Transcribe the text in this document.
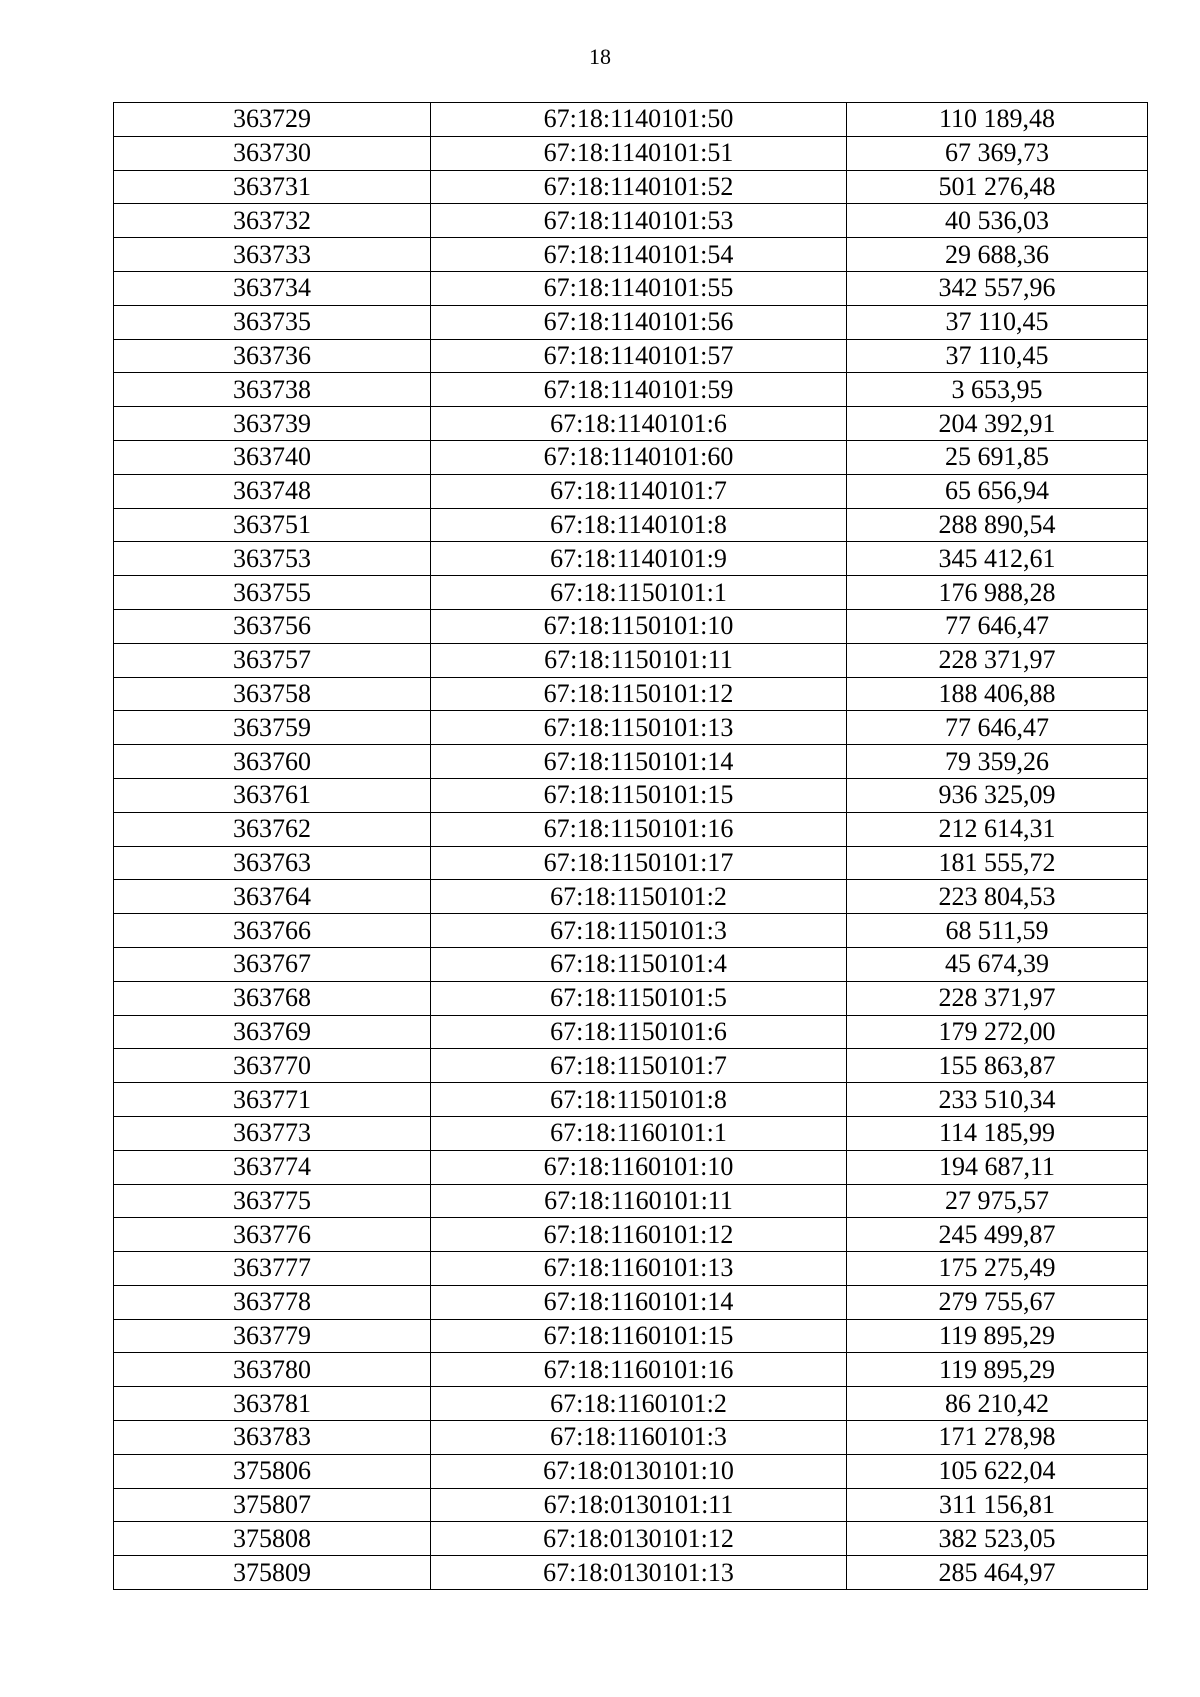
18
363729	67:18:1140101:50	110 189,48
363730	67:18:1140101:51	67 369,73
363731	67:18:1140101:52	501 276,48
363732	67:18:1140101:53	40 536,03
363733	67:18:1140101:54	29 688,36
363734	67:18:1140101:55	342 557,96
363735	67:18:1140101:56	37 110,45
363736	67:18:1140101:57	37 110,45
363738	67:18:1140101:59	3 653,95
363739	67:18:1140101:6	204 392,91
363740	67:18:1140101:60	25 691,85
363748	67:18:1140101:7	65 656,94
363751	67:18:1140101:8	288 890,54
363753	67:18:1140101:9	345 412,61
363755	67:18:1150101:1	176 988,28
363756	67:18:1150101:10	77 646,47
363757	67:18:1150101:11	228 371,97
363758	67:18:1150101:12	188 406,88
363759	67:18:1150101:13	77 646,47
363760	67:18:1150101:14	79 359,26
363761	67:18:1150101:15	936 325,09
363762	67:18:1150101:16	212 614,31
363763	67:18:1150101:17	181 555,72
363764	67:18:1150101:2	223 804,53
363766	67:18:1150101:3	68 511,59
363767	67:18:1150101:4	45 674,39
363768	67:18:1150101:5	228 371,97
363769	67:18:1150101:6	179 272,00
363770	67:18:1150101:7	155 863,87
363771	67:18:1150101:8	233 510,34
363773	67:18:1160101:1	114 185,99
363774	67:18:1160101:10	194 687,11
363775	67:18:1160101:11	27 975,57
363776	67:18:1160101:12	245 499,87
363777	67:18:1160101:13	175 275,49
363778	67:18:1160101:14	279 755,67
363779	67:18:1160101:15	119 895,29
363780	67:18:1160101:16	119 895,29
363781	67:18:1160101:2	86 210,42
363783	67:18:1160101:3	171 278,98
375806	67:18:0130101:10	105 622,04
375807	67:18:0130101:11	311 156,81
375808	67:18:0130101:12	382 523,05
375809	67:18:0130101:13	285 464,97
